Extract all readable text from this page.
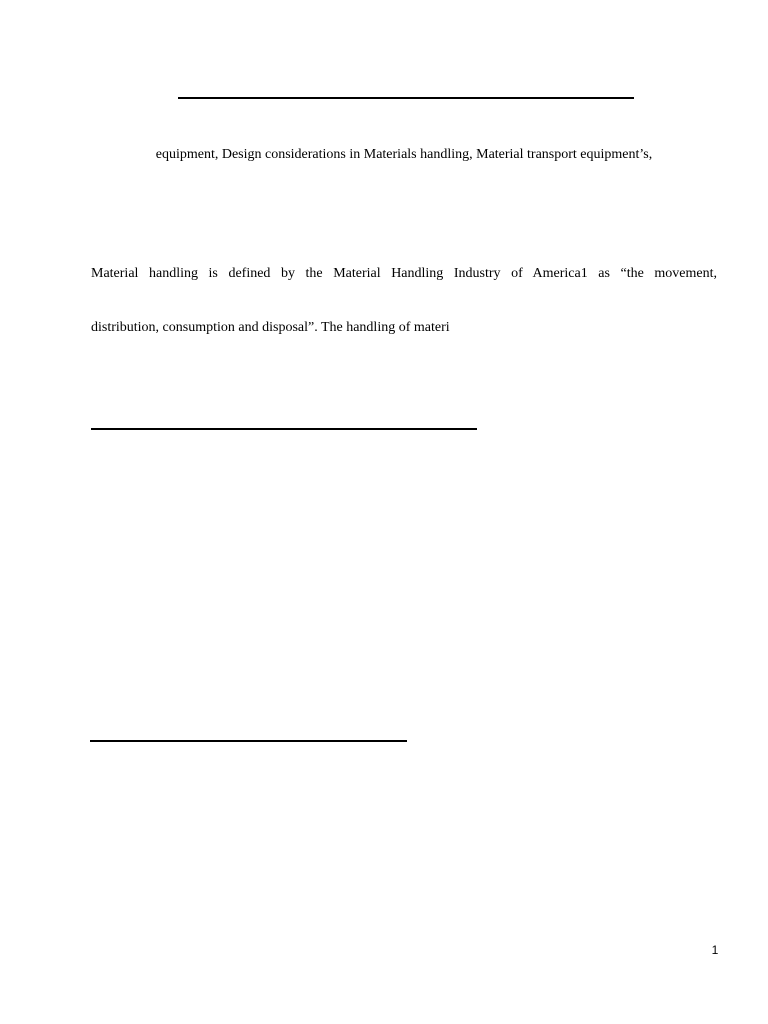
equipment, Design considerations in Materials handling, Material transport equipment’s,
Material handling is defined by the Material Handling Industry of America1 as “the movement,
distribution, consumption and disposal”. The handling of materi
1
